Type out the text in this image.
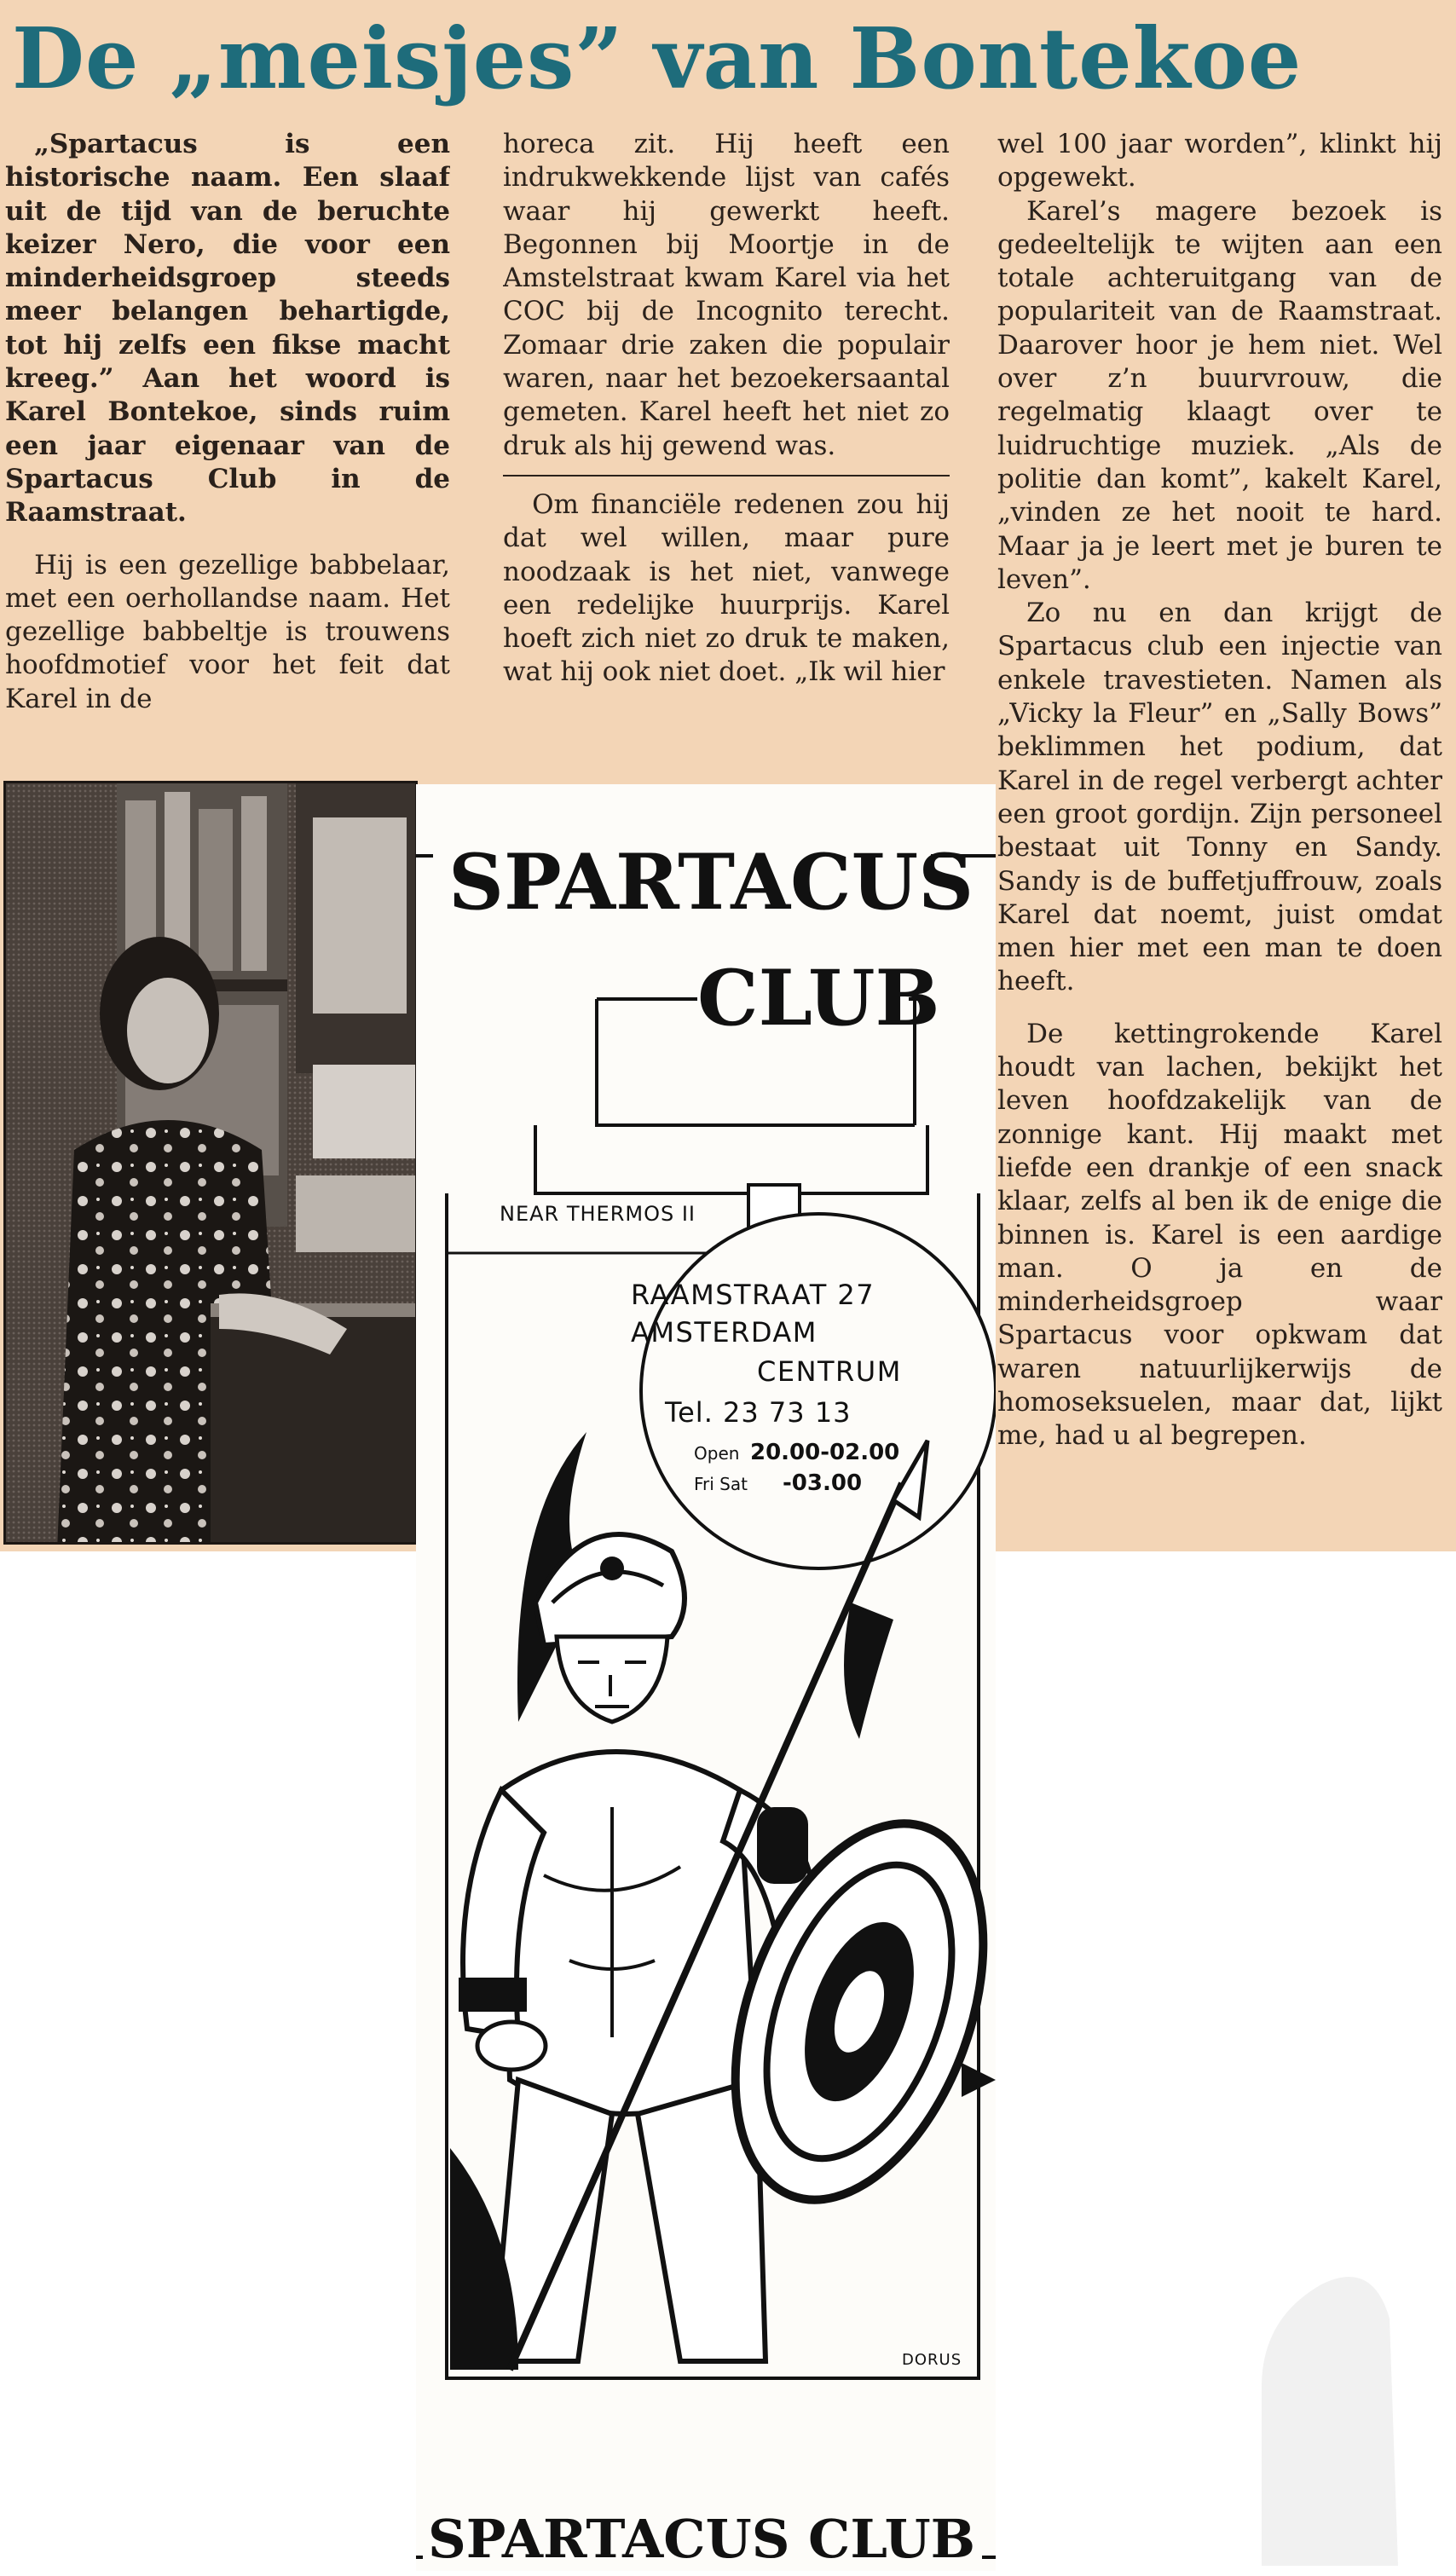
De „meisjes” van Bontekoe

„Spartacus is een historische naam. Een slaaf uit de tijd van de beruchte keizer Nero, die voor een minderheidsgroep steeds meer belangen behartigde, tot hij zelfs een fikse macht kreeg.” Aan het woord is Karel Bontekoe, sinds ruim een jaar eigenaar van de Spartacus Club in de Raamstraat.

Hij is een gezellige babbelaar, met een oerhollandse naam. Het gezellige babbeltje is trouwens hoofdmotief voor het feit dat Karel in de

horeca zit. Hij heeft een indrukwekkende lijst van cafés waar hij gewerkt heeft. Begonnen bij Moortje in de Amstelstraat kwam Karel via het COC bij de Incognito terecht. Zomaar drie zaken die populair waren, naar het bezoekersaantal gemeten. Karel heeft het niet zo druk als hij gewend was.

Om financiële redenen zou hij dat wel willen, maar pure noodzaak is het niet, vanwege een redelijke huurprijs. Karel hoeft zich niet zo druk te maken, wat hij ook niet doet. „Ik wil hier

wel 100 jaar worden”, klinkt hij opgewekt.

Karel’s magere bezoek is gedeeltelijk te wijten aan een totale achteruitgang van de populariteit van de Raamstraat. Daarover hoor je hem niet. Wel over z’n buurvrouw, die regelmatig klaagt over te luidruchtige muziek. „Als de politie dan komt”, kakelt Karel, „vinden ze het nooit te hard. Maar ja je leert met je buren te leven”.

Zo nu en dan krijgt de Spartacus club een injectie van enkele travestieten. Namen als „Vicky la Fleur” en „Sally Bows” beklimmen het podium, dat Karel in de regel verbergt achter een groot gordijn. Zijn personeel bestaat uit Tonny en Sandy. Sandy is de buffetjuffrouw, zoals Karel dat noemt, juist omdat men hier met een man te doen heeft.

De kettingrokende Karel houdt van lachen, bekijkt het leven hoofdzakelijk van de zonnige kant. Hij maakt met liefde een drankje of een snack klaar, zelfs al ben ik de enige die binnen is. Karel is een aardige man. O ja en de minderheidsgroep waar Spartacus voor opkwam dat waren natuurlijkerwijs de homoseksuelen, maar dat, lijkt me, had u al begrepen.

SPARTACUS
CLUB
NEAR THERMOS II
RAAMSTRAAT 27
AMSTERDAM
CENTRUM
Tel. 23 73 13
Open 20.00-02.00
Fri Sat -03.00
DORUS
SPARTACUS CLUB
